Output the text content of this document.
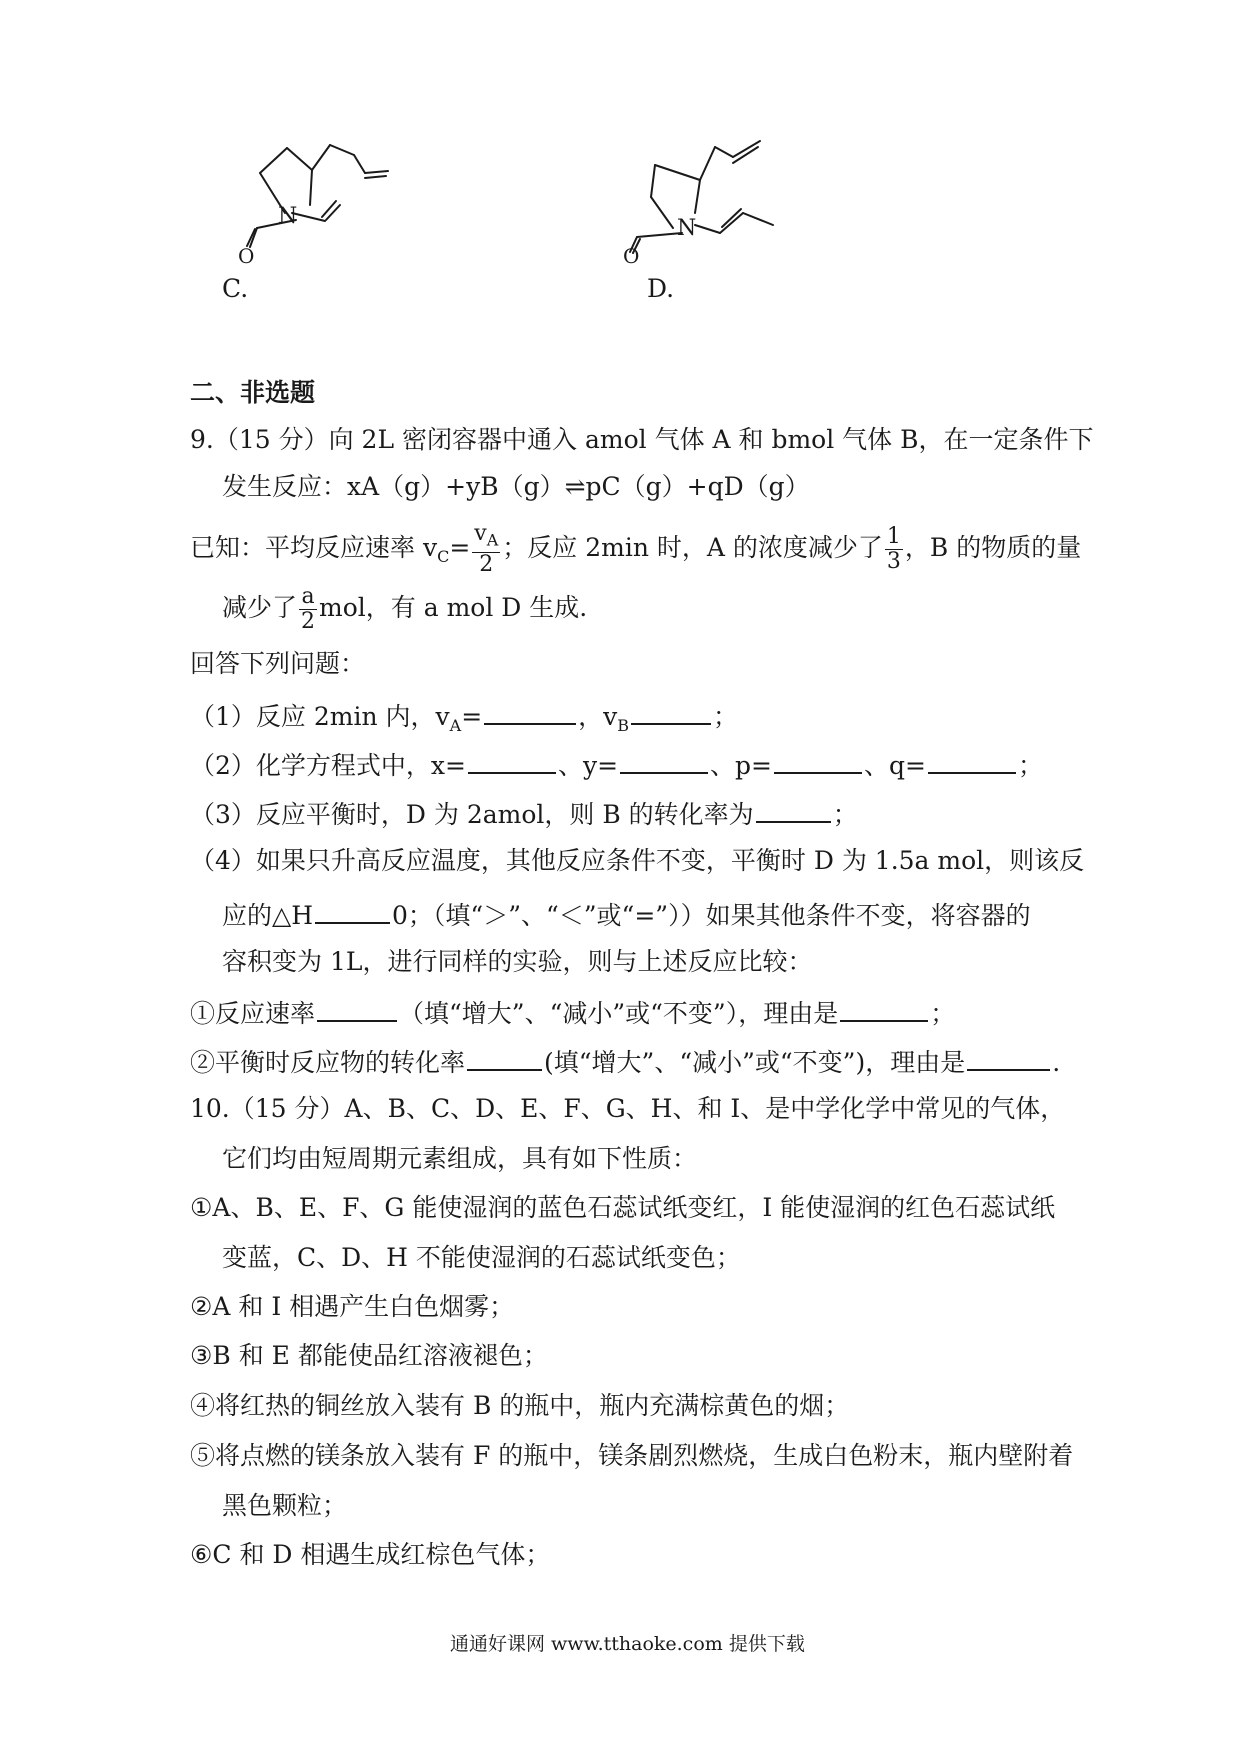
N
O
C.
N
O
D.
二、非选题
9.（15 分）向 2L 密闭容器中通入 amol 气体 A 和 bmol 气体 B，在一定条件下
发生反应：xA（g）+yB（g）⇌pC（g）+qD（g）
已知：平均反应速率 $v_C= \frac{v_A}{2}$ ；反应 2min 时，A 的浓度减少了 $\frac{1}{3}$ ，B 的物质的量
减少了 $\frac{a}{2}$ mol，有 a mol D 生成.
回答下列问题：
（1）反应 2min 内，$v_A=$	，$v_B$	；
（2）化学方程式中，x=	、y=	、p=	、q=	；
（3）反应平衡时，D 为 2amol，则 B 的转化率为	；
（4）如果只升高反应温度，其他反应条件不变，平衡时 D 为 1.5a mol，则该反
应的△H	0；（填“＞”、“＜”或“=”））如果其他条件不变，将容器的
容积变为 1L，进行同样的实验，则与上述反应比较：
①反应速率	（填“增大”、“减小”或“不变”），理由是	；
②平衡时反应物的转化率	(填“增大”、“减小”或“不变”)，理由是	.
10.（15 分）A、B、C、D、E、F、G、H、和 I、是中学化学中常见的气体，
它们均由短周期元素组成，具有如下性质：
①A、B、E、F、G 能使湿润的蓝色石蕊试纸变红，I 能使湿润的红色石蕊试纸
变蓝，C、D、H 不能使湿润的石蕊试纸变色；
②A 和 I 相遇产生白色烟雾；
③B 和 E 都能使品红溶液褪色；
④将红热的铜丝放入装有 B 的瓶中，瓶内充满棕黄色的烟；
⑤将点燃的镁条放入装有 F 的瓶中，镁条剧烈燃烧，生成白色粉末，瓶内壁附着
黑色颗粒；
⑥C 和 D 相遇生成红棕色气体；
通通好课网 www.tthaoke.com 提供下载
